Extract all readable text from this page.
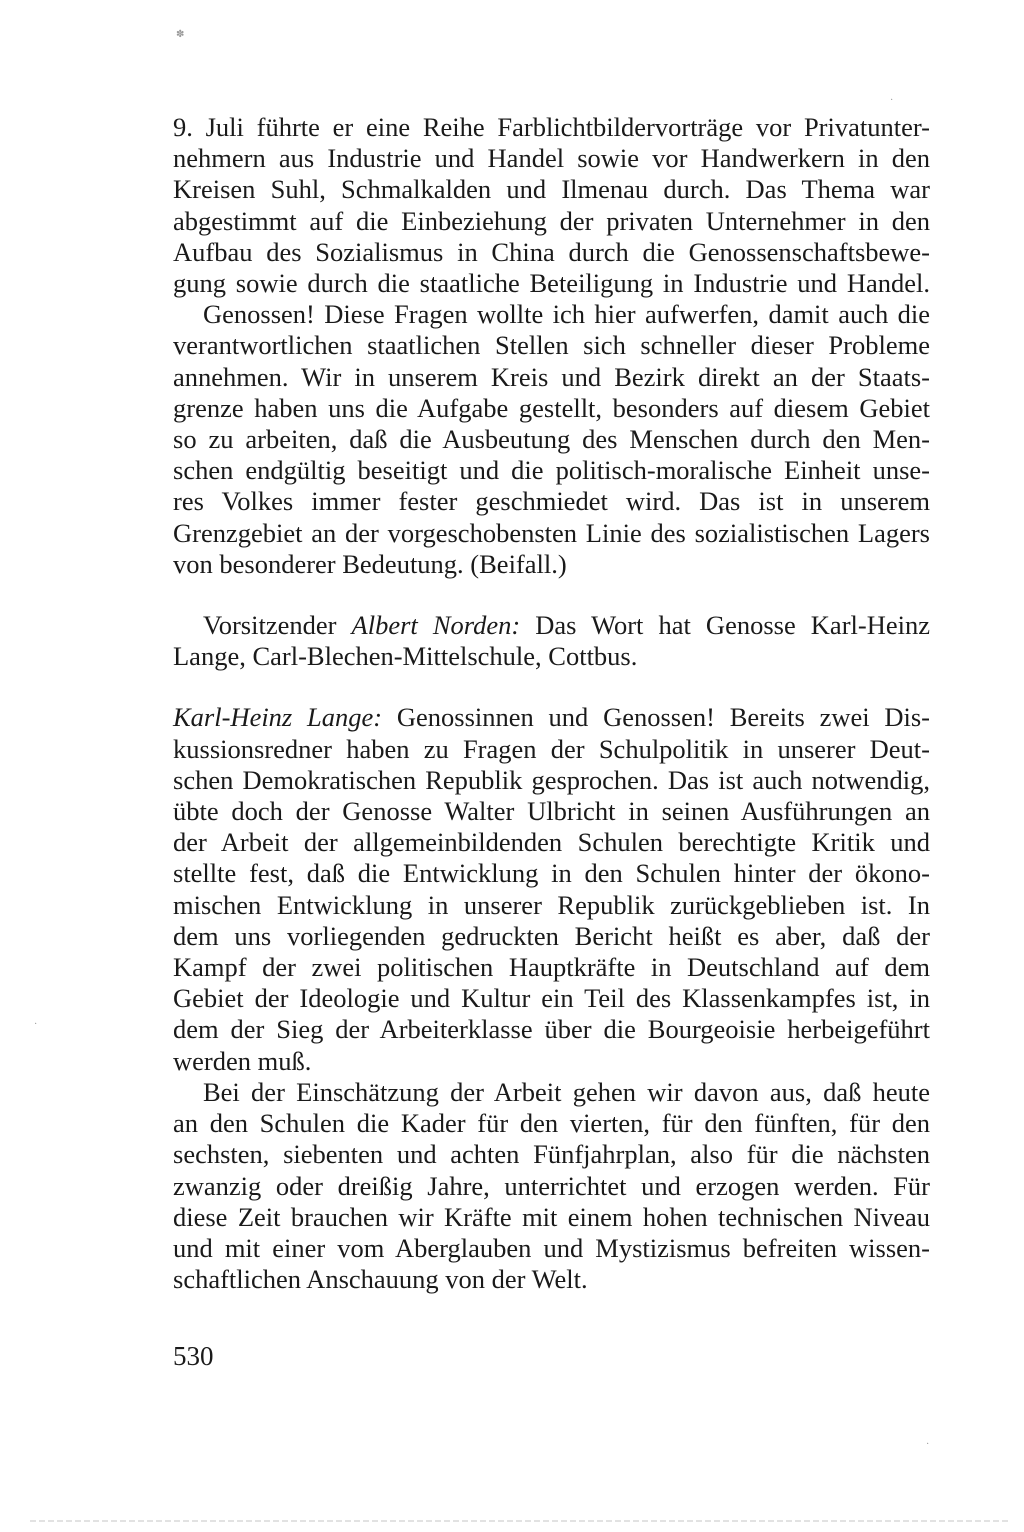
✽
·
·
·

9. Juli führte er eine Reihe Farblichtbildervorträge vor Privatunter-
nehmern aus Industrie und Handel sowie vor Handwerkern in den
Kreisen Suhl, Schmalkalden und Ilmenau durch. Das Thema war
abgestimmt auf die Einbeziehung der privaten Unternehmer in den
Aufbau des Sozialismus in China durch die Genossenschaftsbewe-
gung sowie durch die staatliche Beteiligung in Industrie und Handel.

Genossen! Diese Fragen wollte ich hier aufwerfen, damit auch die
verantwortlichen staatlichen Stellen sich schneller dieser Probleme
annehmen. Wir in unserem Kreis und Bezirk direkt an der Staats-
grenze haben uns die Aufgabe gestellt, besonders auf diesem Gebiet
so zu arbeiten, daß die Ausbeutung des Menschen durch den Men-
schen endgültig beseitigt und die politisch-moralische Einheit unse-
res Volkes immer fester geschmiedet wird. Das ist in unserem
Grenzgebiet an der vorgeschobensten Linie des sozialistischen Lagers
von besonderer Bedeutung. (Beifall.)

Vorsitzender Albert Norden: Das Wort hat Genosse Karl-Heinz
Lange, Carl-Blechen-Mittelschule, Cottbus.

Karl-Heinz Lange: Genossinnen und Genossen! Bereits zwei Dis-
kussionsredner haben zu Fragen der Schulpolitik in unserer Deut-
schen Demokratischen Republik gesprochen. Das ist auch notwendig,
übte doch der Genosse Walter Ulbricht in seinen Ausführungen an
der Arbeit der allgemeinbildenden Schulen berechtigte Kritik und
stellte fest, daß die Entwicklung in den Schulen hinter der ökono-
mischen Entwicklung in unserer Republik zurückgeblieben ist. In
dem uns vorliegenden gedruckten Bericht heißt es aber, daß der
Kampf der zwei politischen Hauptkräfte in Deutschland auf dem
Gebiet der Ideologie und Kultur ein Teil des Klassenkampfes ist, in
dem der Sieg der Arbeiterklasse über die Bourgeoisie herbeigeführt
werden muß.

Bei der Einschätzung der Arbeit gehen wir davon aus, daß heute
an den Schulen die Kader für den vierten, für den fünften, für den
sechsten, siebenten und achten Fünfjahrplan, also für die nächsten
zwanzig oder dreißig Jahre, unterrichtet und erzogen werden. Für
diese Zeit brauchen wir Kräfte mit einem hohen technischen Niveau
und mit einer vom Aberglauben und Mystizismus befreiten wissen-
schaftlichen Anschauung von der Welt.

530
